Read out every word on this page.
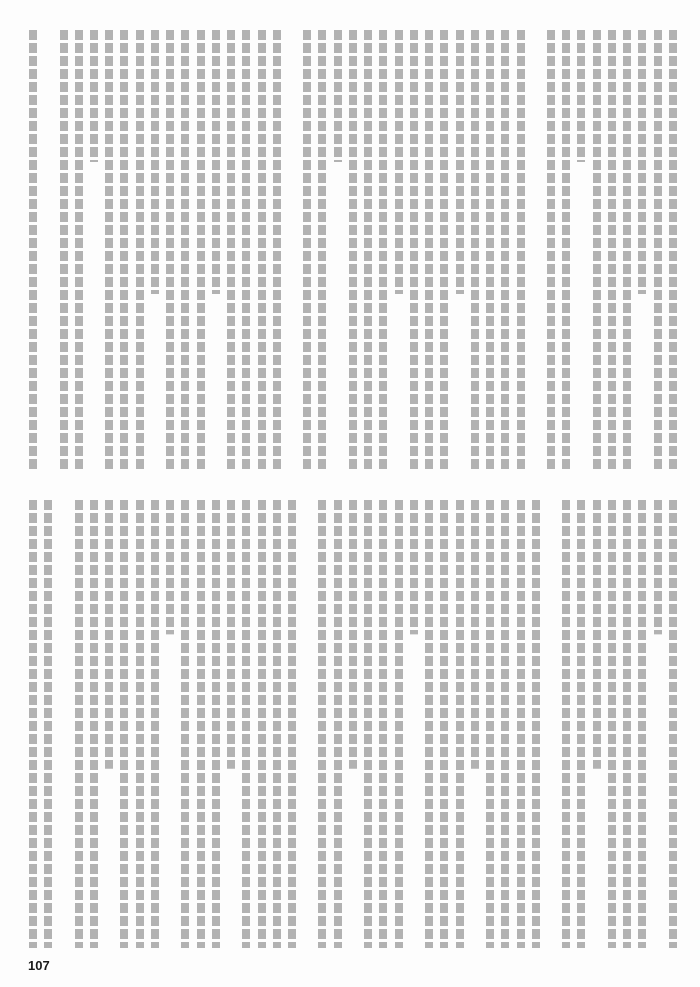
107
